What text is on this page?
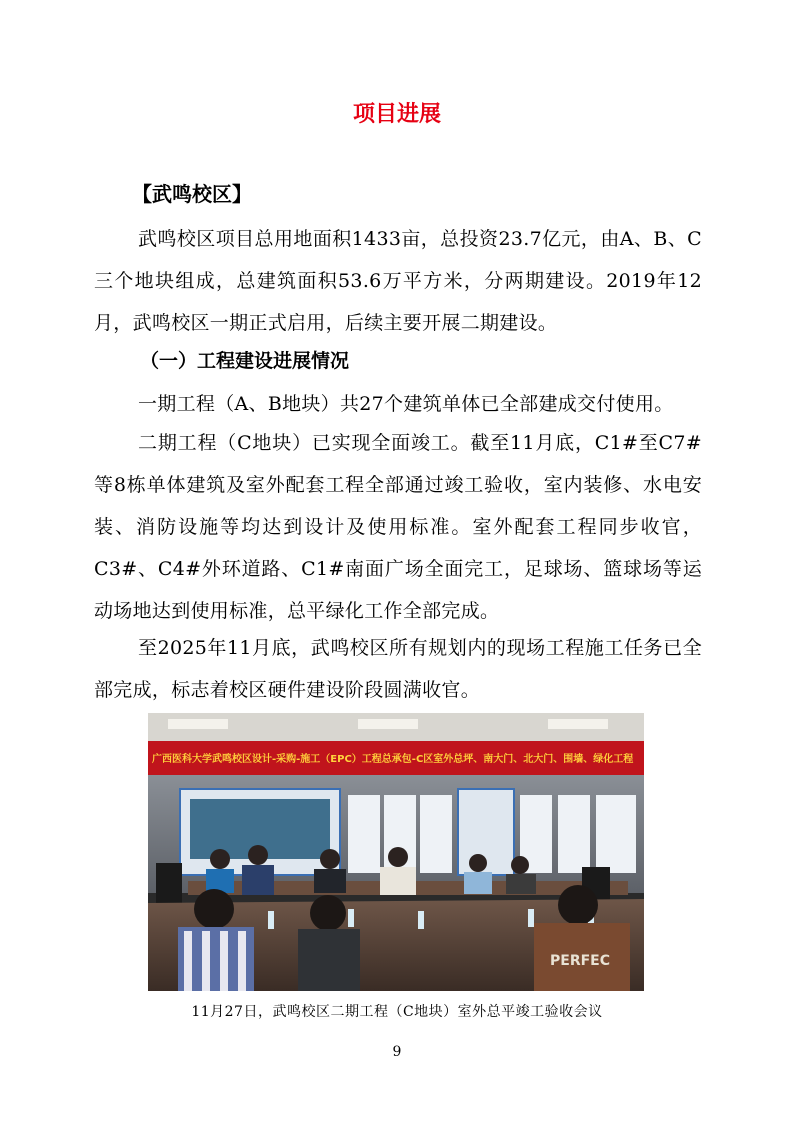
项目进展
【武鸣校区】

武鸣校区项目总用地面积1433亩，总投资23.7亿元，由A、B、C三个地块组成，总建筑面积53.6万平方米，分两期建设。2019年12月，武鸣校区一期正式启用，后续主要开展二期建设。

（一）工程建设进展情况

一期工程（A、B地块）共27个建筑单体已全部建成交付使用。

二期工程（C地块）已实现全面竣工。截至11月底，C1#至C7#等8栋单体建筑及室外配套工程全部通过竣工验收，室内装修、水电安装、消防设施等均达到设计及使用标准。室外配套工程同步收官，C3#、C4#外环道路、C1#南面广场全面完工，足球场、篮球场等运动场地达到使用标准，总平绿化工作全部完成。

至2025年11月底，武鸣校区所有规划内的现场工程施工任务已全部完成，标志着校区硬件建设阶段圆满收官。

广西医科大学武鸣校区设计-采购-施工（EPC）工程总承包-C区室外总坪、南大门、北大门、围墙、绿化工程
PERFEC

11月27日，武鸣校区二期工程（C地块）室外总平竣工验收会议

9
